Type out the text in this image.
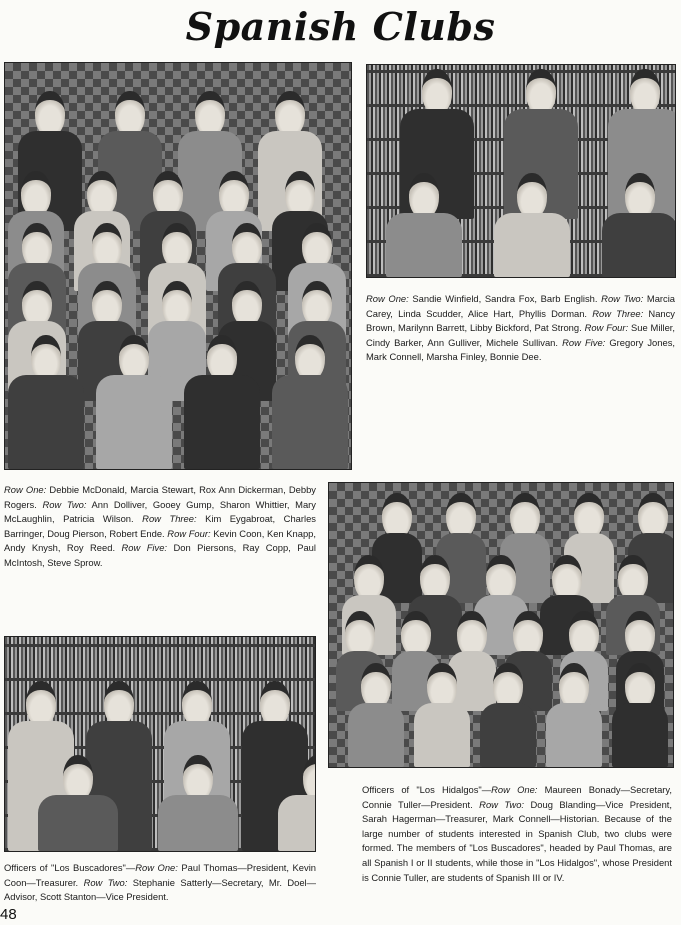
Spanish Clubs

Row One: Sandie Winfield, Sandra Fox, Barb English. Row Two: Marcia Carey, Linda Scudder, Alice Hart, Phyllis Dorman. Row Three: Nancy Brown, Marilynn Barrett, Libby Bickford, Pat Strong. Row Four: Sue Miller, Cindy Barker, Ann Gulliver, Michele Sullivan. Row Five: Gregory Jones, Mark Connell, Marsha Finley, Bonnie Dee.

Row One: Debbie McDonald, Marcia Stewart, Rox Ann Dickerman, Debby Rogers. Row Two: Ann Dolliver, Gooey Gump, Sharon Whittier, Mary McLaughlin, Patricia Wilson. Row Three: Kim Eygabroat, Charles Barringer, Doug Pierson, Robert Ende. Row Four: Kevin Coon, Ken Knapp, Andy Knysh, Roy Reed. Row Five: Don Piersons, Ray Copp, Paul McIntosh, Steve Sprow.

Officers of "Los Hidalgos"—Row One: Maureen Bonady—Secretary, Connie Tuller—President. Row Two: Doug Blanding—Vice President, Sarah Hagerman—Treasurer, Mark Connell—Historian. Because of the large number of students interested in Spanish Club, two clubs were formed. The members of "Los Buscadores", headed by Paul Thomas, are all Spanish I or II students, while those in "Los Hidalgos", whose President is Connie Tuller, are students of Spanish III or IV.

Officers of "Los Buscadores"—Row One: Paul Thomas—President, Kevin Coon—Treasurer. Row Two: Stephanie Satterly—Secretary, Mr. Doel—Advisor, Scott Stanton—Vice President.

48
